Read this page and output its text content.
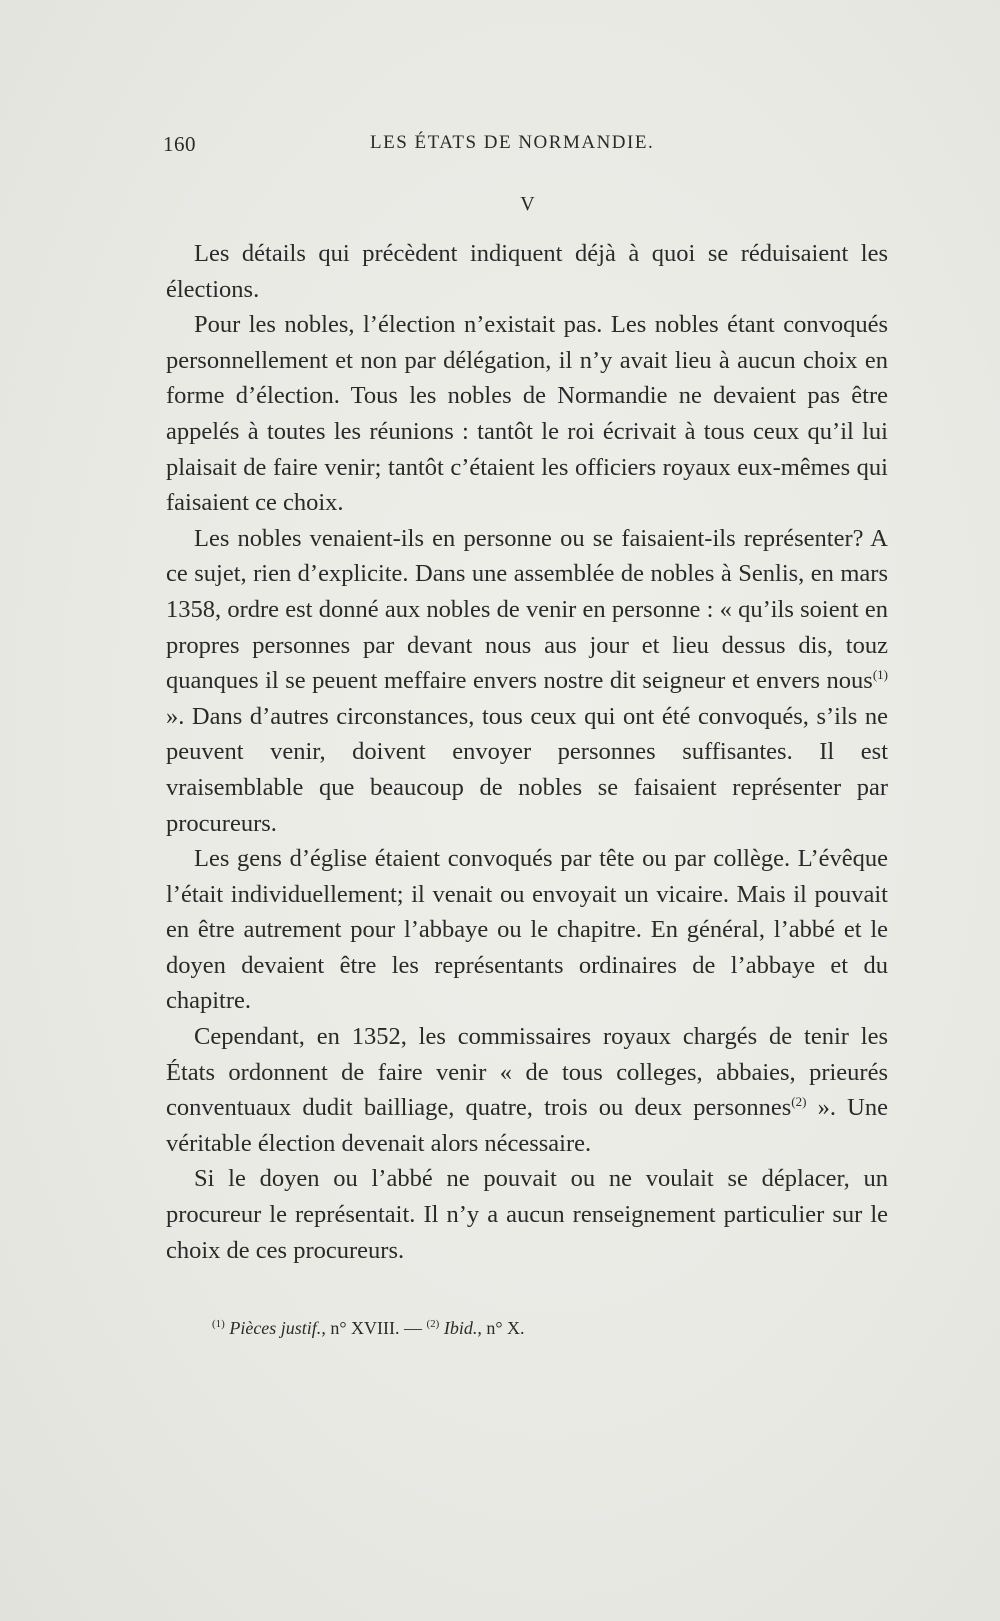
160	LES ÉTATS DE NORMANDIE.
V

Les détails qui précèdent indiquent déjà à quoi se réduisaient les élections.

Pour les nobles, l’élection n’existait pas. Les nobles étant convoqués personnellement et non par délégation, il n’y avait lieu à aucun choix en forme d’élection. Tous les nobles de Normandie ne devaient pas être appelés à toutes les réunions : tantôt le roi écrivait à tous ceux qu’il lui plaisait de faire venir; tantôt c’étaient les officiers royaux eux-mêmes qui faisaient ce choix.

Les nobles venaient-ils en personne ou se faisaient-ils représenter? A ce sujet, rien d’explicite. Dans une assemblée de nobles à Senlis, en mars 1358, ordre est donné aux nobles de venir en personne : « qu’ils soient en propres personnes par devant nous aus jour et lieu dessus dis, touz quanques il se peuent meffaire envers nostre dit seigneur et envers nous$^{(1)}$ ». Dans d’autres circonstances, tous ceux qui ont été convoqués, s’ils ne peuvent venir, doivent envoyer personnes suffisantes. Il est vraisemblable que beaucoup de nobles se faisaient représenter par procureurs.

Les gens d’église étaient convoqués par tête ou par collège. L’évêque l’était individuellement; il venait ou envoyait un vicaire. Mais il pouvait en être autrement pour l’abbaye ou le chapitre. En général, l’abbé et le doyen devaient être les représentants ordinaires de l’abbaye et du chapitre.

Cependant, en 1352, les commissaires royaux chargés de tenir les États ordonnent de faire venir « de tous colleges, abbaies, prieurés conventuaux dudit bailliage, quatre, trois ou deux personnes$^{(2)}$ ». Une véritable élection devenait alors nécessaire.

Si le doyen ou l’abbé ne pouvait ou ne voulait se déplacer, un procureur le représentait. Il n’y a aucun renseignement particulier sur le choix de ces procureurs.

$^{(1)}$ Pièces justif., n° XVIII. — $^{(2)}$ Ibid., n° X.
